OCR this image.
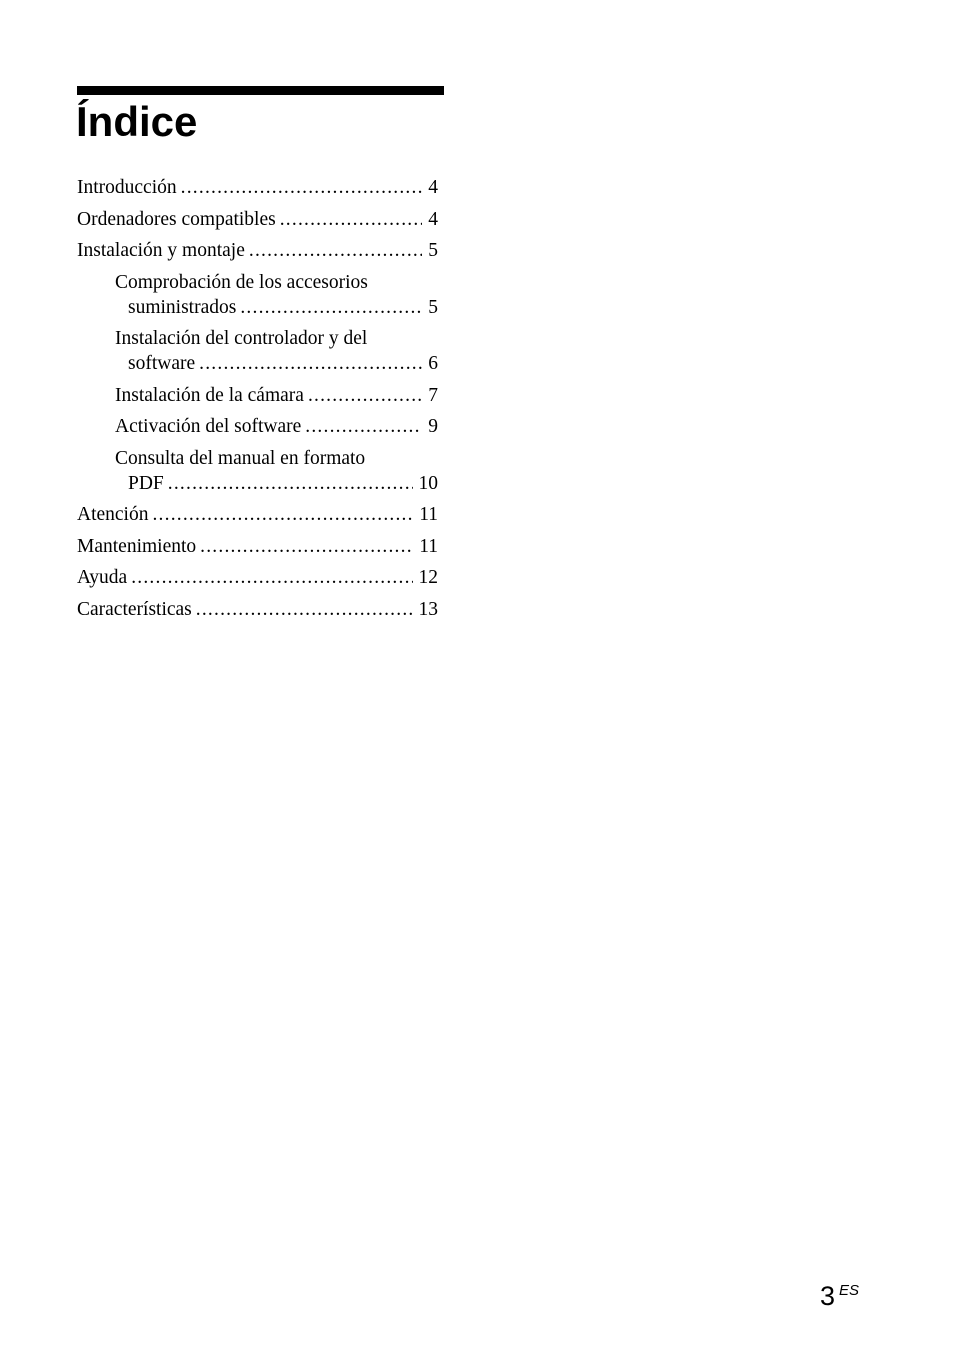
Índice
Introducción .....	4
Ordenadores compatibles .....	4
Instalación y montaje .....	5
Comprobación de los accesorios
suministrados .....	5
Instalación del controlador y del
software .....	6
Instalación de la cámara .....	7
Activación del software .....	9
Consulta del manual en formato
PDF .....	10
Atención .....	11
Mantenimiento .....	11
Ayuda .....	12
Características .....	13
3 ES
